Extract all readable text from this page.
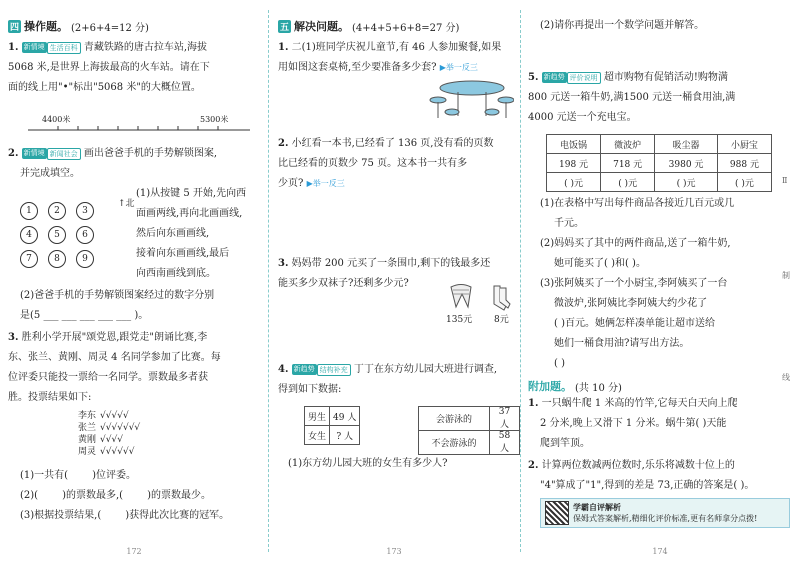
四 操作题。 (2+6+4=12 分)
1. 新情境 生活百科 青藏铁路的唐古拉车站,海拔
5068 米,是世界上海拔最高的火车站。请在下
面的线上用"•"标出"5068 米"的大概位置。
4400米	5300米
2. 新情境 新闻社会 画出爸爸手机的手势解锁图案,
并完成填空。
1	2	3
4	5	6
7	8	9
↑北
(1)从按键 5 开始,先向西
面画两线,再向北画画线,
然后向东画画线,
接着向东画画线,最后
向西南画线到底。
(2)爸爸手机的手势解锁图案经过的数字分别
是(5 ___ ___ ___ ___ ___ )。
3. 胜利小学开展"颂党恩,跟党走"朗诵比赛,李
东、张兰、黄刚、周灵 4 名同学参加了比赛。每
位评委只能投一票给一名同学。票数最多者获
胜。投票结果如下:
李东 √√√√√
张兰 √√√√√√√
黄刚 √√√√
周灵 √√√√√√
(1)一共有( )位评委。
(2)( )的票数最多,( )的票数最少。
(3)根据投票结果,( )获得此次比赛的冠军。
172
五 解决问题。 (4+4+5+6+8=27 分)
1. 二(1)班同学庆祝儿童节,有 46 人参加聚餐,如果
用如图这套桌椅,至少要准备多少套? ▶举一反三
2. 小红看一本书,已经看了 136 页,没有看的页数
比已经看的页数少 75 页。这本书一共有多
少页? ▶举一反三
3. 妈妈带 200 元买了一条围巾,剩下的钱最多还
能买多少双袜子?还剩多少元?
135元 8元
4. 新趋势 结构补充 丁丁在东方幼儿园大班进行调查,
得到如下数据:
男生	49 人
女生	? 人
会游泳的	37 人
不会游泳的	58 人
(1)东方幼儿园大班的女生有多少人?
173
(2)请你再提出一个数学问题并解答。
5. 新趋势 评价说明 超市购物有促销活动!购物满
800 元送一箱牛奶,满1500 元送一桶食用油,满
4000 元送一个充电宝。
电饭锅	微波炉	吸尘器	小厨宝
198 元	718 元	3980 元	988 元
( )元	( )元	( )元	( )元
(1)在表格中写出每件商品各接近几百元或几
千元。
(2)妈妈买了其中的两件商品,送了一箱牛奶,
她可能买了( )和( )。
(3)张阿姨买了一个小厨宝,李阿姨买了一台
微波炉,张阿姨比李阿姨大约少花了
( )百元。她俩怎样凑单能让超市送给
她们一桶食用油?请写出方法。
( )
附加题。 (共 10 分)
1. 一只蜗牛爬 1 米高的竹竿,它每天白天向上爬
2 分米,晚上又滑下 1 分米。蜗牛第( )天能
爬到竿顶。
2. 计算两位数减两位数时,乐乐将减数十位上的
"4"算成了"1",得到的差是 73,正确的答案是( )。
学霸自评解析
保姆式答案解析,精细化评价标准,更有名师拿分点拨!
Ⅱ
制
线
174
